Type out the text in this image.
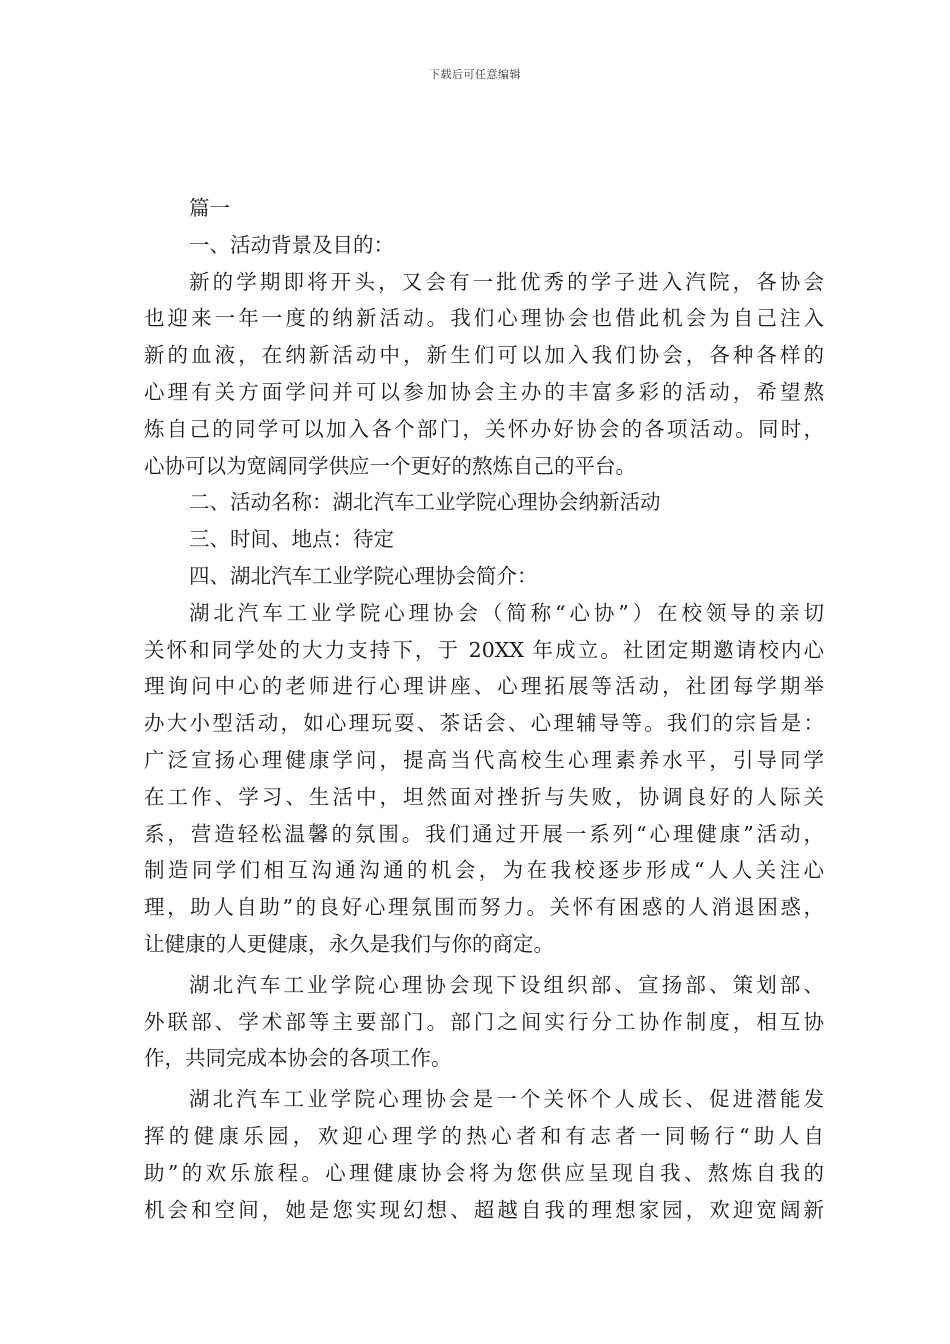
下载后可任意编辑
篇一
一、活动背景及目的：
新的学期即将开头，又会有一批优秀的学子进入汽院，各协会
也迎来一年一度的纳新活动。我们心理协会也借此机会为自己注入
新的血液，在纳新活动中，新生们可以加入我们协会，各种各样的
心理有关方面学问并可以参加协会主办的丰富多彩的活动，希望熬
炼自己的同学可以加入各个部门，关怀办好协会的各项活动。同时，
心协可以为宽阔同学供应一个更好的熬炼自己的平台。
二、活动名称：湖北汽车工业学院心理协会纳新活动
三、时间、地点：待定
四、湖北汽车工业学院心理协会简介：
湖北汽车工业学院心理协会（简称“心协”）在校领导的亲切
关怀和同学处的大力支持下，于 20XX 年成立。社团定期邀请校内心
理询问中心的老师进行心理讲座、心理拓展等活动，社团每学期举
办大小型活动，如心理玩耍、茶话会、心理辅导等。我们的宗旨是：
广泛宣扬心理健康学问，提高当代高校生心理素养水平，引导同学
在工作、学习、生活中，坦然面对挫折与失败，协调良好的人际关
系，营造轻松温馨的氛围。我们通过开展一系列“心理健康”活动，
制造同学们相互沟通沟通的机会，为在我校逐步形成“人人关注心
理，助人自助”的良好心理氛围而努力。关怀有困惑的人消退困惑，
让健康的人更健康，永久是我们与你的商定。
湖北汽车工业学院心理协会现下设组织部、宣扬部、策划部、
外联部、学术部等主要部门。部门之间实行分工协作制度，相互协
作，共同完成本协会的各项工作。
湖北汽车工业学院心理协会是一个关怀个人成长、促进潜能发
挥的健康乐园，欢迎心理学的热心者和有志者一同畅行“助人自
助”的欢乐旅程。心理健康协会将为您供应呈现自我、熬炼自我的
机会和空间，她是您实现幻想、超越自我的理想家园，欢迎宽阔新
